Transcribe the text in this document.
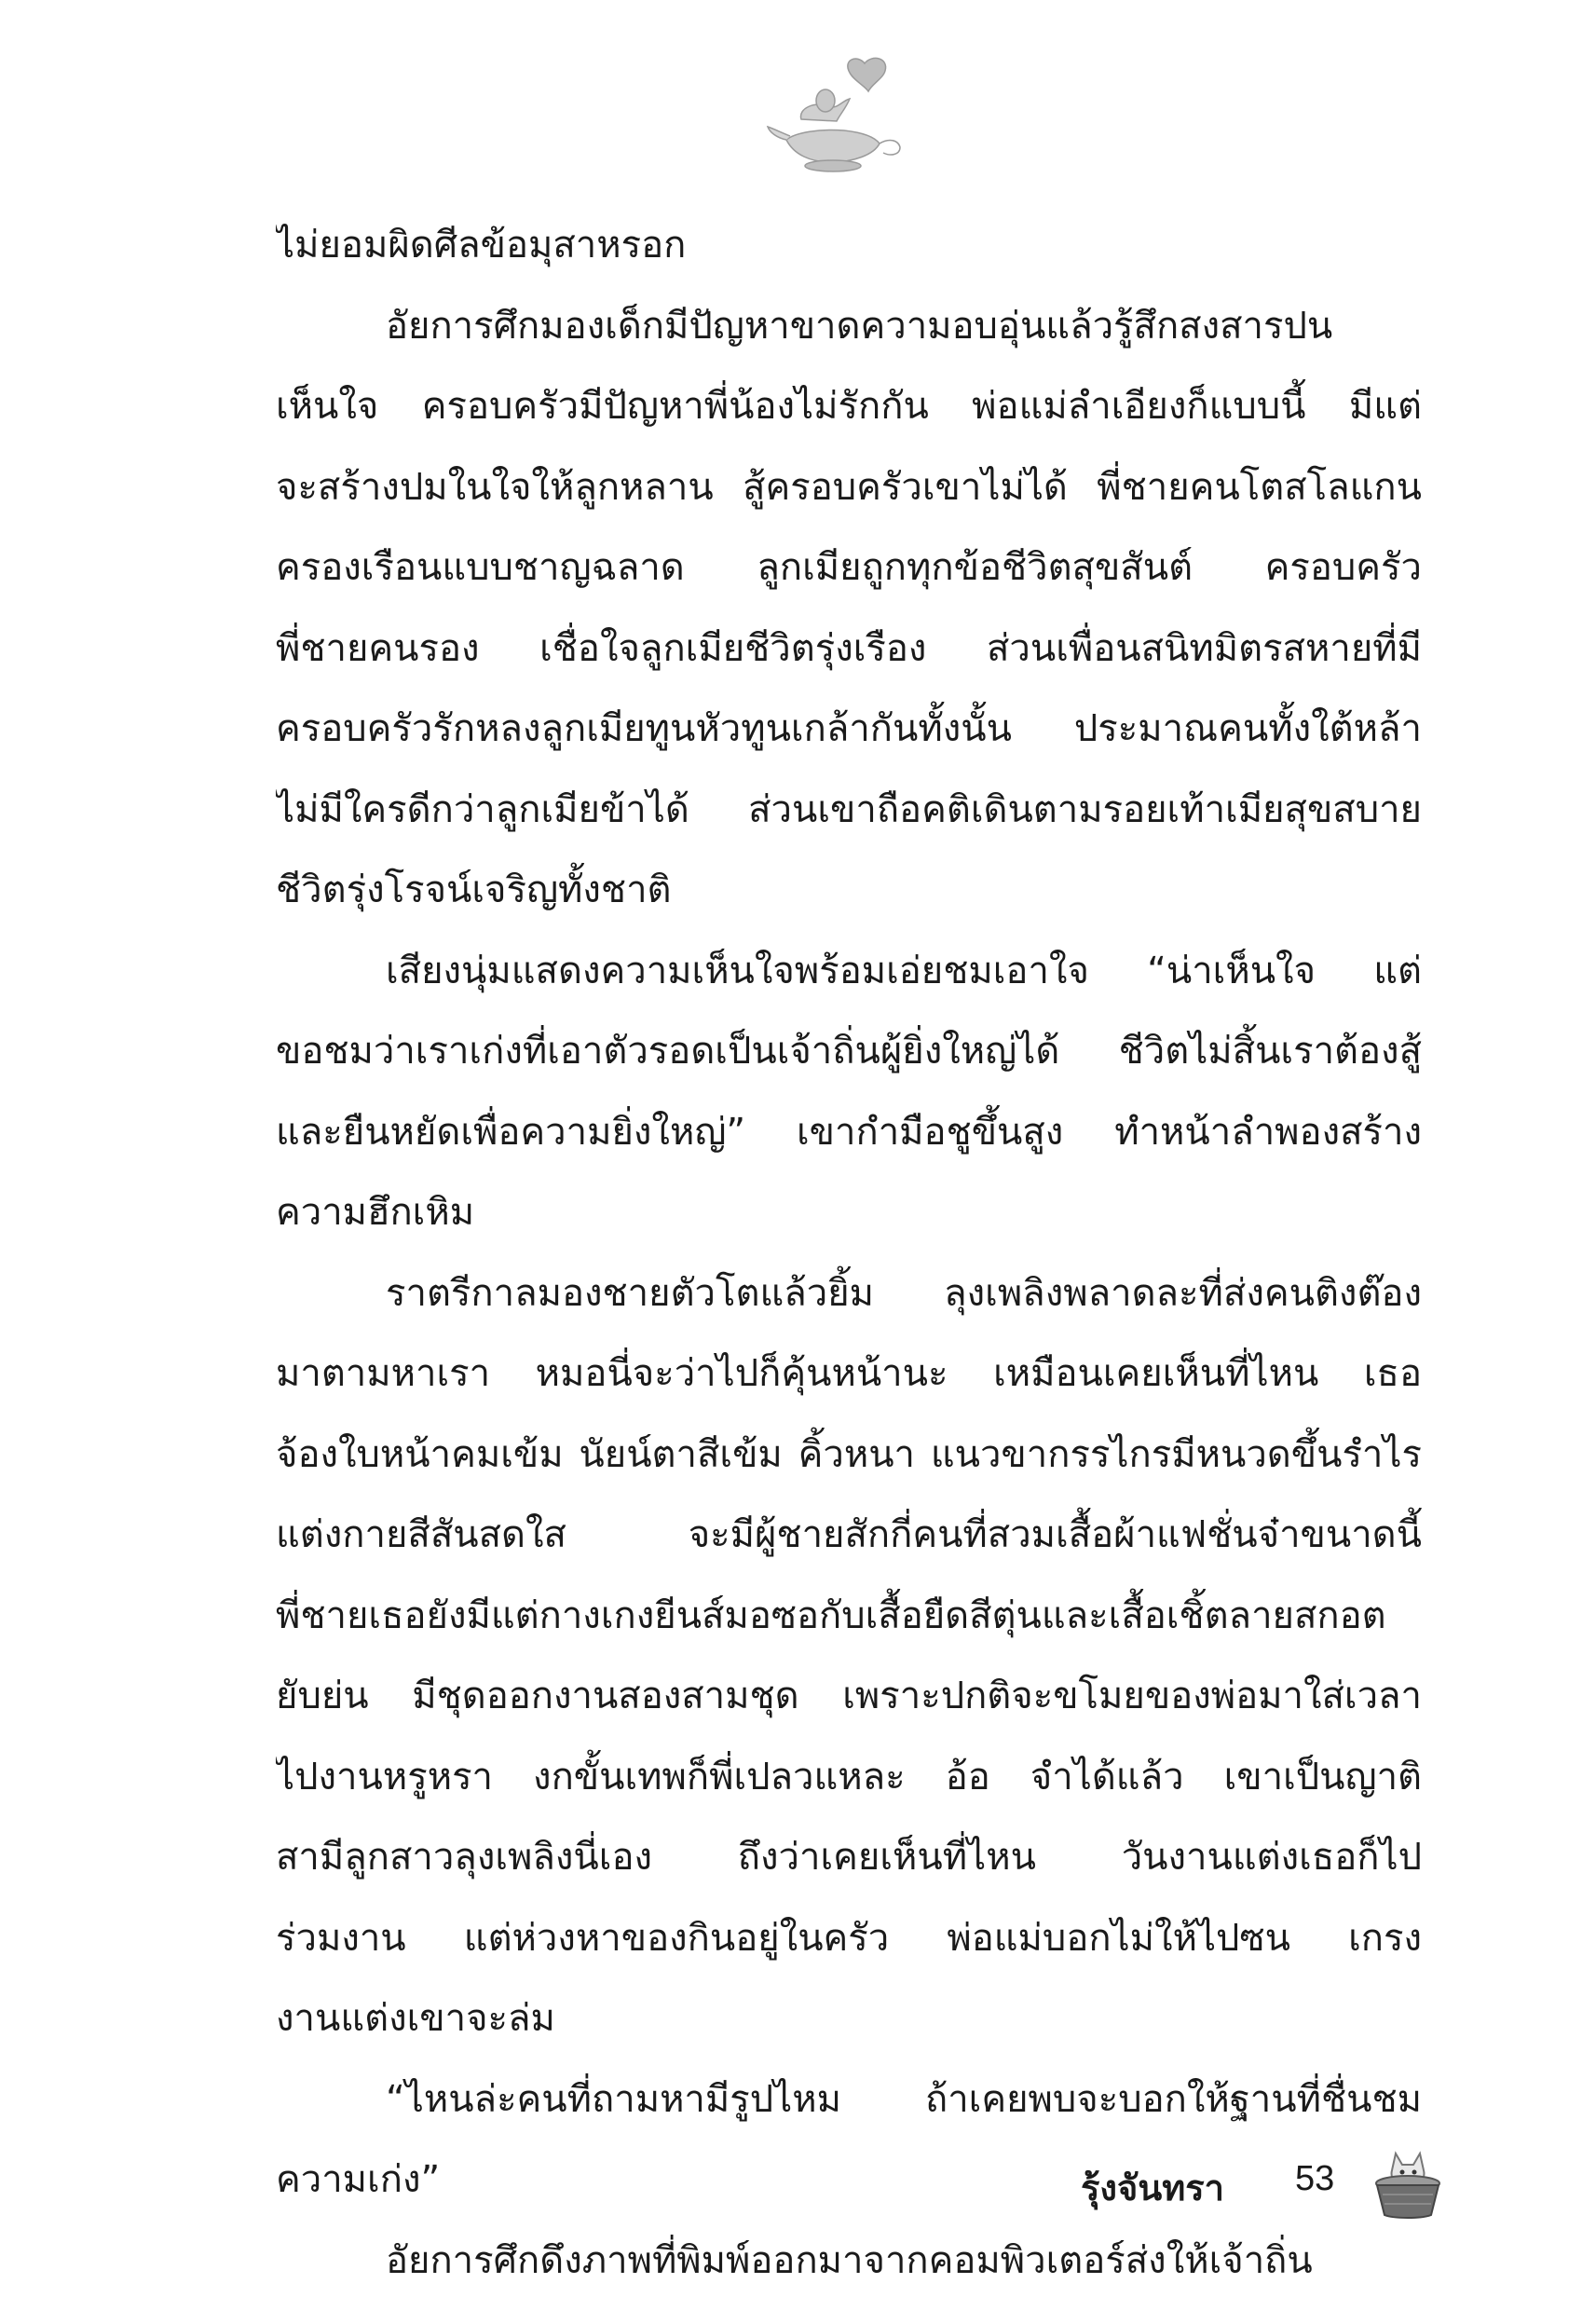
ไม่ยอมผิดศีลข้อมุสาหรอก
อัยการศึกมองเด็กมีปัญหาขาดความอบอุ่นแล้วรู้สึกสงสารปน
เห็นใจ ครอบครัวมีปัญหาพี่น้องไม่รักกัน พ่อแม่ลำเอียงก็แบบนี้ มีแต่
จะสร้างปมในใจให้ลูกหลาน สู้ครอบครัวเขาไม่ได้ พี่ชายคนโตสโลแกน
ครองเรือนแบบชาญฉลาด ลูกเมียถูกทุกข้อชีวิตสุขสันต์ ครอบครัว
พี่ชายคนรอง เชื่อใจลูกเมียชีวิตรุ่งเรือง ส่วนเพื่อนสนิทมิตรสหายที่มี
ครอบครัวรักหลงลูกเมียทูนหัวทูนเกล้ากันทั้งนั้น ประมาณคนทั้งใต้หล้า
ไม่มีใครดีกว่าลูกเมียข้าได้ ส่วนเขาถือคติเดินตามรอยเท้าเมียสุขสบาย
ชีวิตรุ่งโรจน์เจริญทั้งชาติ
เสียงนุ่มแสดงความเห็นใจพร้อมเอ่ยชมเอาใจ “น่าเห็นใจ แต่
ขอชมว่าเราเก่งที่เอาตัวรอดเป็นเจ้าถิ่นผู้ยิ่งใหญ่ได้ ชีวิตไม่สิ้นเราต้องสู้
และยืนหยัดเพื่อความยิ่งใหญ่” เขากำมือชูขึ้นสูง ทำหน้าลำพองสร้าง
ความฮึกเหิม
ราตรีกาลมองชายตัวโตแล้วยิ้ม ลุงเพลิงพลาดละที่ส่งคนติงต๊อง
มาตามหาเรา หมอนี่จะว่าไปก็คุ้นหน้านะ เหมือนเคยเห็นที่ไหน เธอ
จ้องใบหน้าคมเข้ม นัยน์ตาสีเข้ม คิ้วหนา แนวขากรรไกรมีหนวดขึ้นรำไร
แต่งกายสีสันสดใส จะมีผู้ชายสักกี่คนที่สวมเสื้อผ้าแฟชั่นจ๋าขนาดนี้
พี่ชายเธอยังมีแต่กางเกงยีนส์มอซอกับเสื้อยืดสีตุ่นและเสื้อเชิ้ตลายสกอต
ยับย่น มีชุดออกงานสองสามชุด เพราะปกติจะขโมยของพ่อมาใส่เวลา
ไปงานหรูหรา งกขั้นเทพก็พี่เปลวแหละ อ้อ จำได้แล้ว เขาเป็นญาติ
สามีลูกสาวลุงเพลิงนี่เอง ถึงว่าเคยเห็นที่ไหน วันงานแต่งเธอก็ไป
ร่วมงาน แต่ห่วงหาของกินอยู่ในครัว พ่อแม่บอกไม่ให้ไปซน เกรง
งานแต่งเขาจะล่ม
“ไหนล่ะคนที่ถามหามีรูปไหม ถ้าเคยพบจะบอกให้ฐานที่ชื่นชม
ความเก่ง”
อัยการศึกดึงภาพที่พิมพ์ออกมาจากคอมพิวเตอร์ส่งให้เจ้าถิ่น
รุ้งจันทรา 53
